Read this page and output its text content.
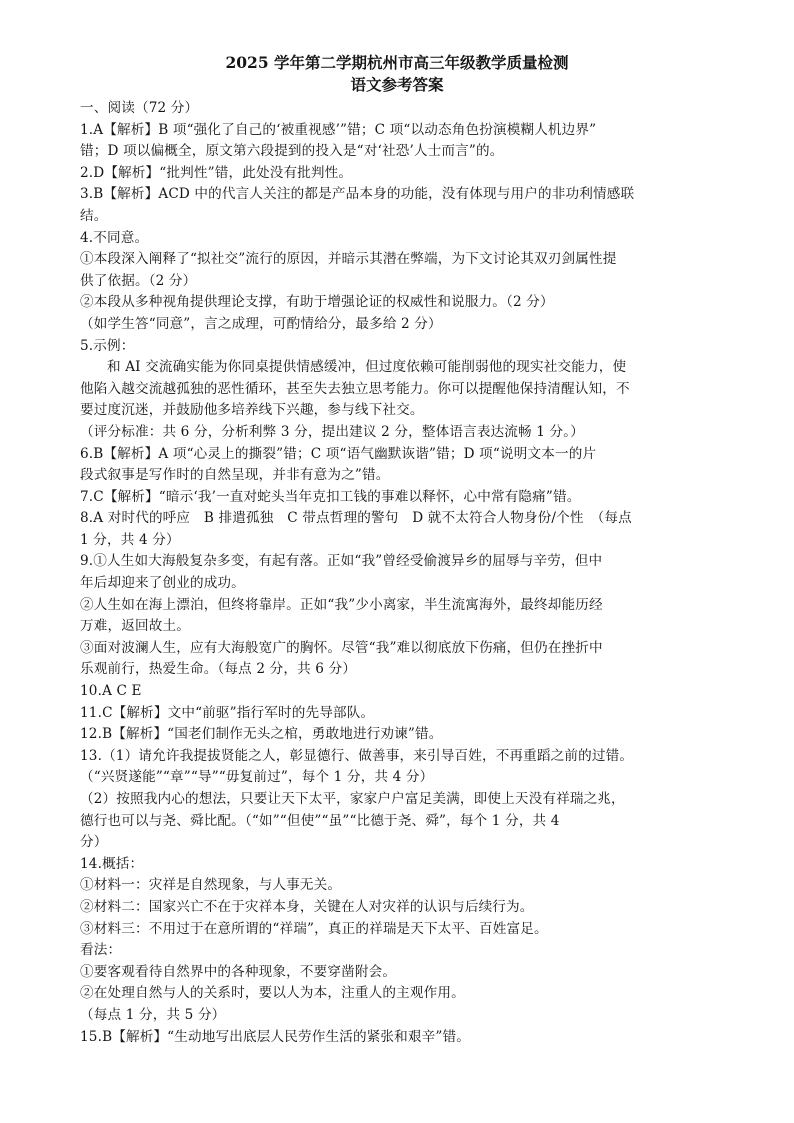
2025 学年第二学期杭州市高三年级教学质量检测
语文参考答案
一、阅读（72 分）
1.A【解析】B 项“强化了自己的‘被重视感’”错；C 项“以动态角色扮演模糊人机边界”
错；D 项以偏概全，原文第六段提到的投入是“对‘社恐’人士而言”的。
2.D【解析】“批判性”错，此处没有批判性。
3.B【解析】ACD 中的代言人关注的都是产品本身的功能，没有体现与用户的非功利情感联
结。
4.不同意。
①本段深入阐释了“拟社交”流行的原因，并暗示其潜在弊端，为下文讨论其双刃剑属性提
供了依据。（2 分）
②本段从多种视角提供理论支撑，有助于增强论证的权威性和说服力。（2 分）
（如学生答“同意”，言之成理，可酌情给分，最多给 2 分）
5.示例：
和 AI 交流确实能为你同桌提供情感缓冲，但过度依赖可能削弱他的现实社交能力，使
他陷入越交流越孤独的恶性循环，甚至失去独立思考能力。你可以提醒他保持清醒认知，不
要过度沉迷，并鼓励他多培养线下兴趣，参与线下社交。
（评分标准：共 6 分，分析利弊 3 分，提出建议 2 分，整体语言表达流畅 1 分。）
6.B【解析】A 项“心灵上的撕裂”错；C 项“语气幽默诙谐”错；D 项“说明文本一的片
段式叙事是写作时的自然呈现，并非有意为之”错。
7.C【解析】“暗示‘我’一直对蛇头当年克扣工钱的事难以释怀，心中常有隐痛”错。
8.A 对时代的呼应　B 排遣孤独　C 带点哲理的警句　D 就不太符合人物身份/个性　（每点
1 分，共 4 分）
9.①人生如大海般复杂多变，有起有落。正如“我”曾经受偷渡异乡的屈辱与辛劳，但中
年后却迎来了创业的成功。
②人生如在海上漂泊，但终将靠岸。正如“我”少小离家，半生流寓海外，最终却能历经
万难，返回故土。
③面对波澜人生，应有大海般宽广的胸怀。尽管“我”难以彻底放下伤痛，但仍在挫折中
乐观前行，热爱生命。（每点 2 分，共 6 分）
10.A C E
11.C【解析】文中“前驱”指行军时的先导部队。
12.B【解析】“国老们制作无头之棺，勇敢地进行劝谏”错。
13.（1）请允许我提拔贤能之人，彰显德行、做善事，来引导百姓，不再重蹈之前的过错。
（“兴贤遂能”“章”“导”“毋复前过”，每个 1 分，共 4 分）
（2）按照我内心的想法，只要让天下太平，家家户户富足美满，即使上天没有祥瑞之兆，
德行也可以与尧、舜比配。（“如”“但使”“虽”“比德于尧、舜”，每个 1 分，共 4
分）
14.概括：
①材料一：灾祥是自然现象，与人事无关。
②材料二：国家兴亡不在于灾祥本身，关键在人对灾祥的认识与后续行为。
③材料三：不用过于在意所谓的“祥瑞”，真正的祥瑞是天下太平、百姓富足。
看法：
①要客观看待自然界中的各种现象，不要穿凿附会。
②在处理自然与人的关系时，要以人为本，注重人的主观作用。
（每点 1 分，共 5 分）
15.B【解析】“生动地写出底层人民劳作生活的紧张和艰辛”错。
